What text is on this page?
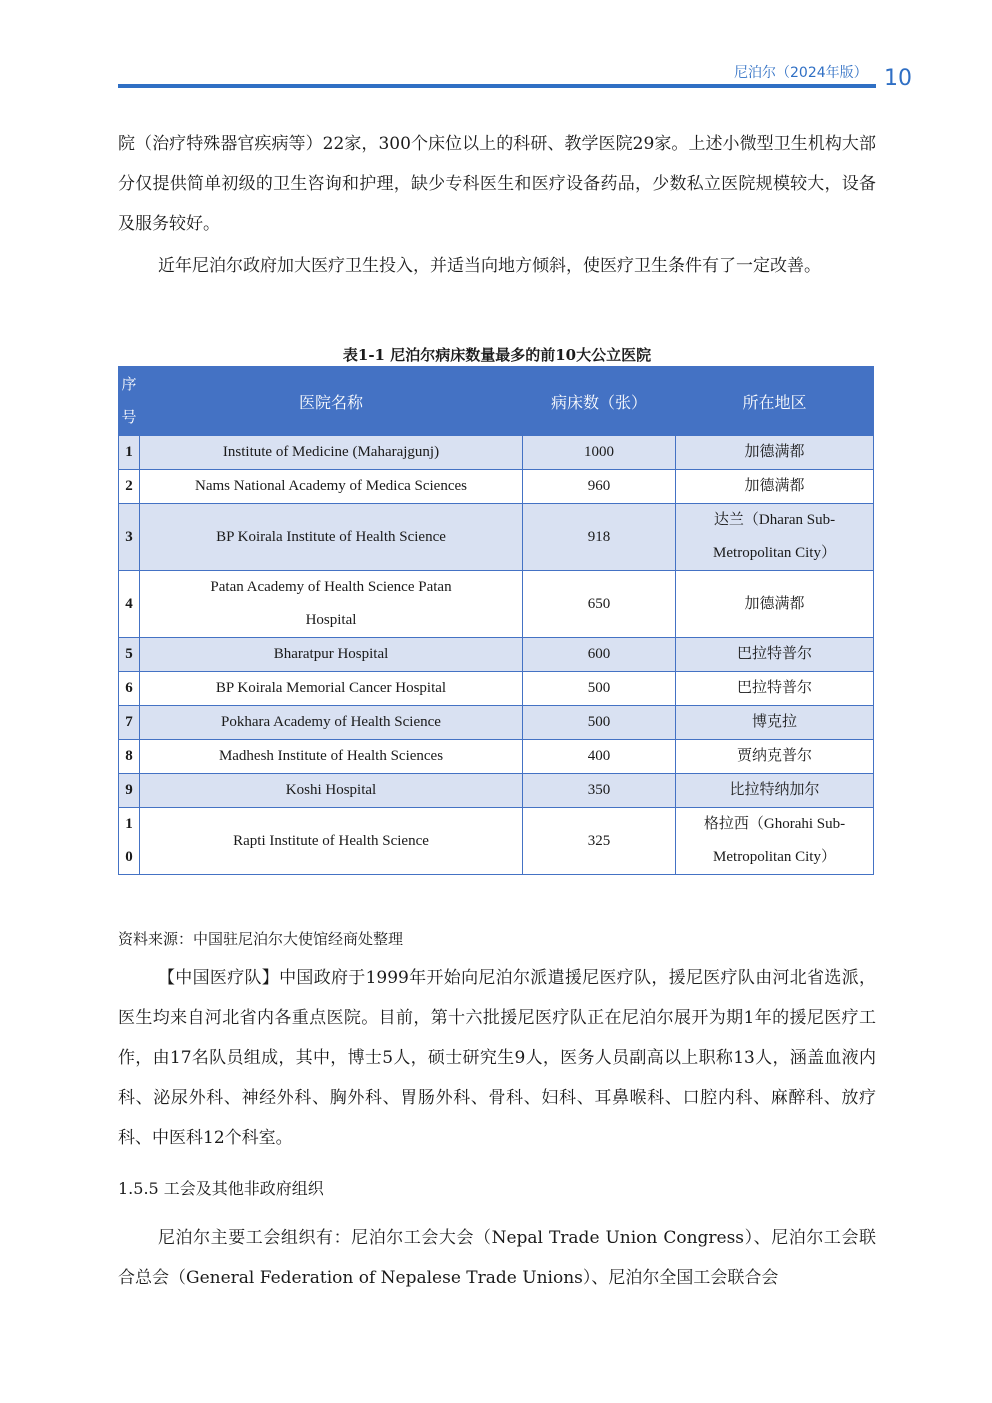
尼泊尔（2024年版） 10

院（治疗特殊器官疾病等）22家，300个床位以上的科研、教学医院29家。上述小微型卫生机构大部分仅提供简单初级的卫生咨询和护理，缺少专科医生和医疗设备药品，少数私立医院规模较大，设备及服务较好。

近年尼泊尔政府加大医疗卫生投入，并适当向地方倾斜，使医疗卫生条件有了一定改善。

表1-1 尼泊尔病床数量最多的前10大公立医院
序号	医院名称	病床数（张）	所在地区
1	Institute of Medicine (Maharajgunj)	1000	加德满都
2	Nams National Academy of Medica Sciences	960	加德满都
3	BP Koirala Institute of Health Science	918	达兰（Dharan Sub-Metropolitan City）
4	Patan Academy of Health Science Patan Hospital	650	加德满都
5	Bharatpur Hospital	600	巴拉特普尔
6	BP Koirala Memorial Cancer Hospital	500	巴拉特普尔
7	Pokhara Academy of Health Science	500	博克拉
8	Madhesh Institute of Health Sciences	400	贾纳克普尔
9	Koshi Hospital	350	比拉特纳加尔
10	Rapti Institute of Health Science	325	格拉西（Ghorahi Sub-Metropolitan City）
资料来源：中国驻尼泊尔大使馆经商处整理

【中国医疗队】中国政府于1999年开始向尼泊尔派遣援尼医疗队，援尼医疗队由河北省选派，医生均来自河北省内各重点医院。目前，第十六批援尼医疗队正在尼泊尔展开为期1年的援尼医疗工作，由17名队员组成，其中，博士5人，硕士研究生9人，医务人员副高以上职称13人，涵盖血液内科、泌尿外科、神经外科、胸外科、胃肠外科、骨科、妇科、耳鼻喉科、口腔内科、麻醉科、放疗科、中医科12个科室。

1.5.5 工会及其他非政府组织

尼泊尔主要工会组织有：尼泊尔工会大会（Nepal Trade Union Congress）、尼泊尔工会联合总会（General Federation of Nepalese Trade Unions）、尼泊尔全国工会联合会
